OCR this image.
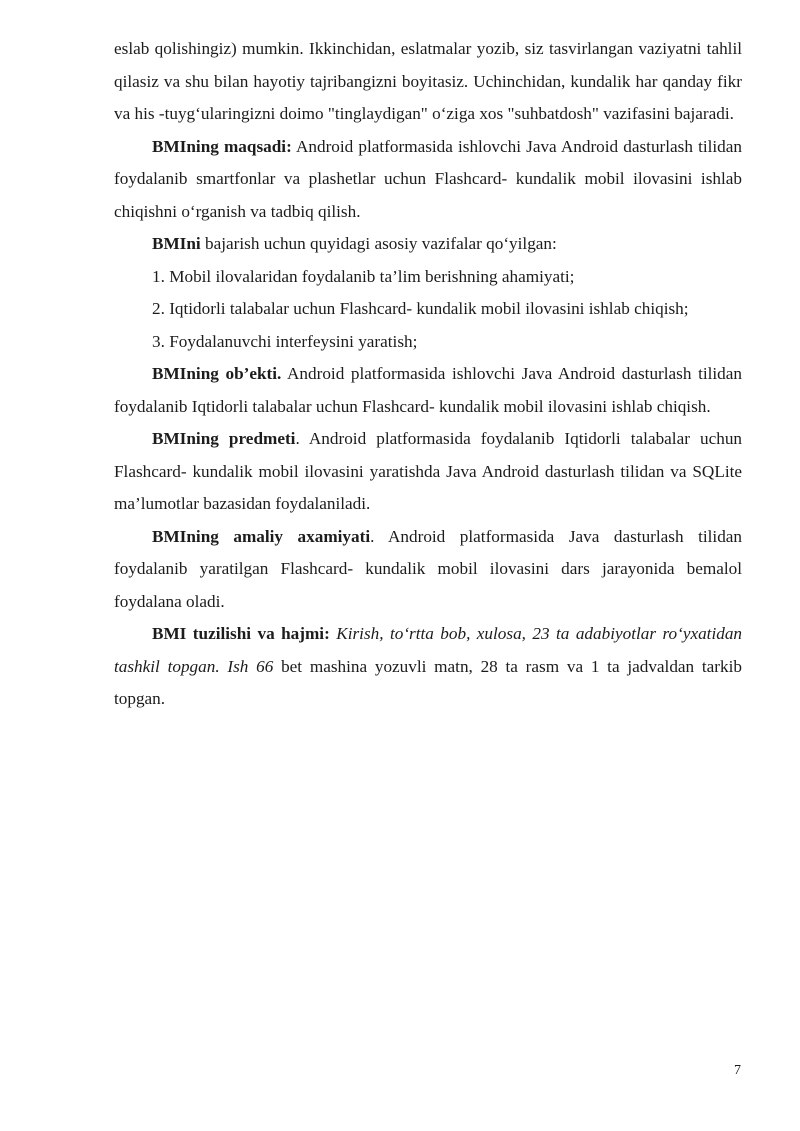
eslab qolishingiz) mumkin. Ikkinchidan, eslatmalar yozib, siz tasvirlangan vaziyatni tahlil qilasiz va shu bilan hayotiy tajribangizni boyitasiz. Uchinchidan, kundalik har qanday fikr va his -tuyg‘ularingizni doimo "tinglaydigan" o‘ziga xos "suhbatdosh" vazifasini bajaradi.

BMIning maqsadi: Android platformasida ishlovchi Java Android dasturlash tilidan foydalanib smartfonlar va plashetlar uchun Flashcard- kundalik mobil ilovasini ishlab chiqishni o‘rganish va tadbiq qilish.

BMIni bajarish uchun quyidagi asosiy vazifalar qo‘yilgan:

1. Mobil ilovalaridan foydalanib ta’lim berishning ahamiyati;

2. Iqtidorli talabalar uchun Flashcard- kundalik mobil ilovasini ishlab chiqish;

3. Foydalanuvchi interfeysini yaratish;

BMIning ob’ekti. Android platformasida ishlovchi Java Android dasturlash tilidan foydalanib Iqtidorli talabalar uchun Flashcard- kundalik mobil ilovasini ishlab chiqish.

BMIning predmeti. Android platformasida foydalanib Iqtidorli talabalar uchun Flashcard- kundalik mobil ilovasini yaratishda Java Android dasturlash tilidan va SQLite ma’lumotlar bazasidan foydalaniladi.

BMIning amaliy axamiyati. Android platformasida Java dasturlash tilidan foydalanib yaratilgan Flashcard- kundalik mobil ilovasini dars jarayonida bemalol foydalana oladi.

BMI tuzilishi va hajmi: Kirish, to‘rtta bob, xulosa, 23 ta adabiyotlar ro‘yxatidan tashkil topgan. Ish 66 bet mashina yozuvli matn, 28 ta rasm va 1 ta jadvaldan tarkib topgan.

7
